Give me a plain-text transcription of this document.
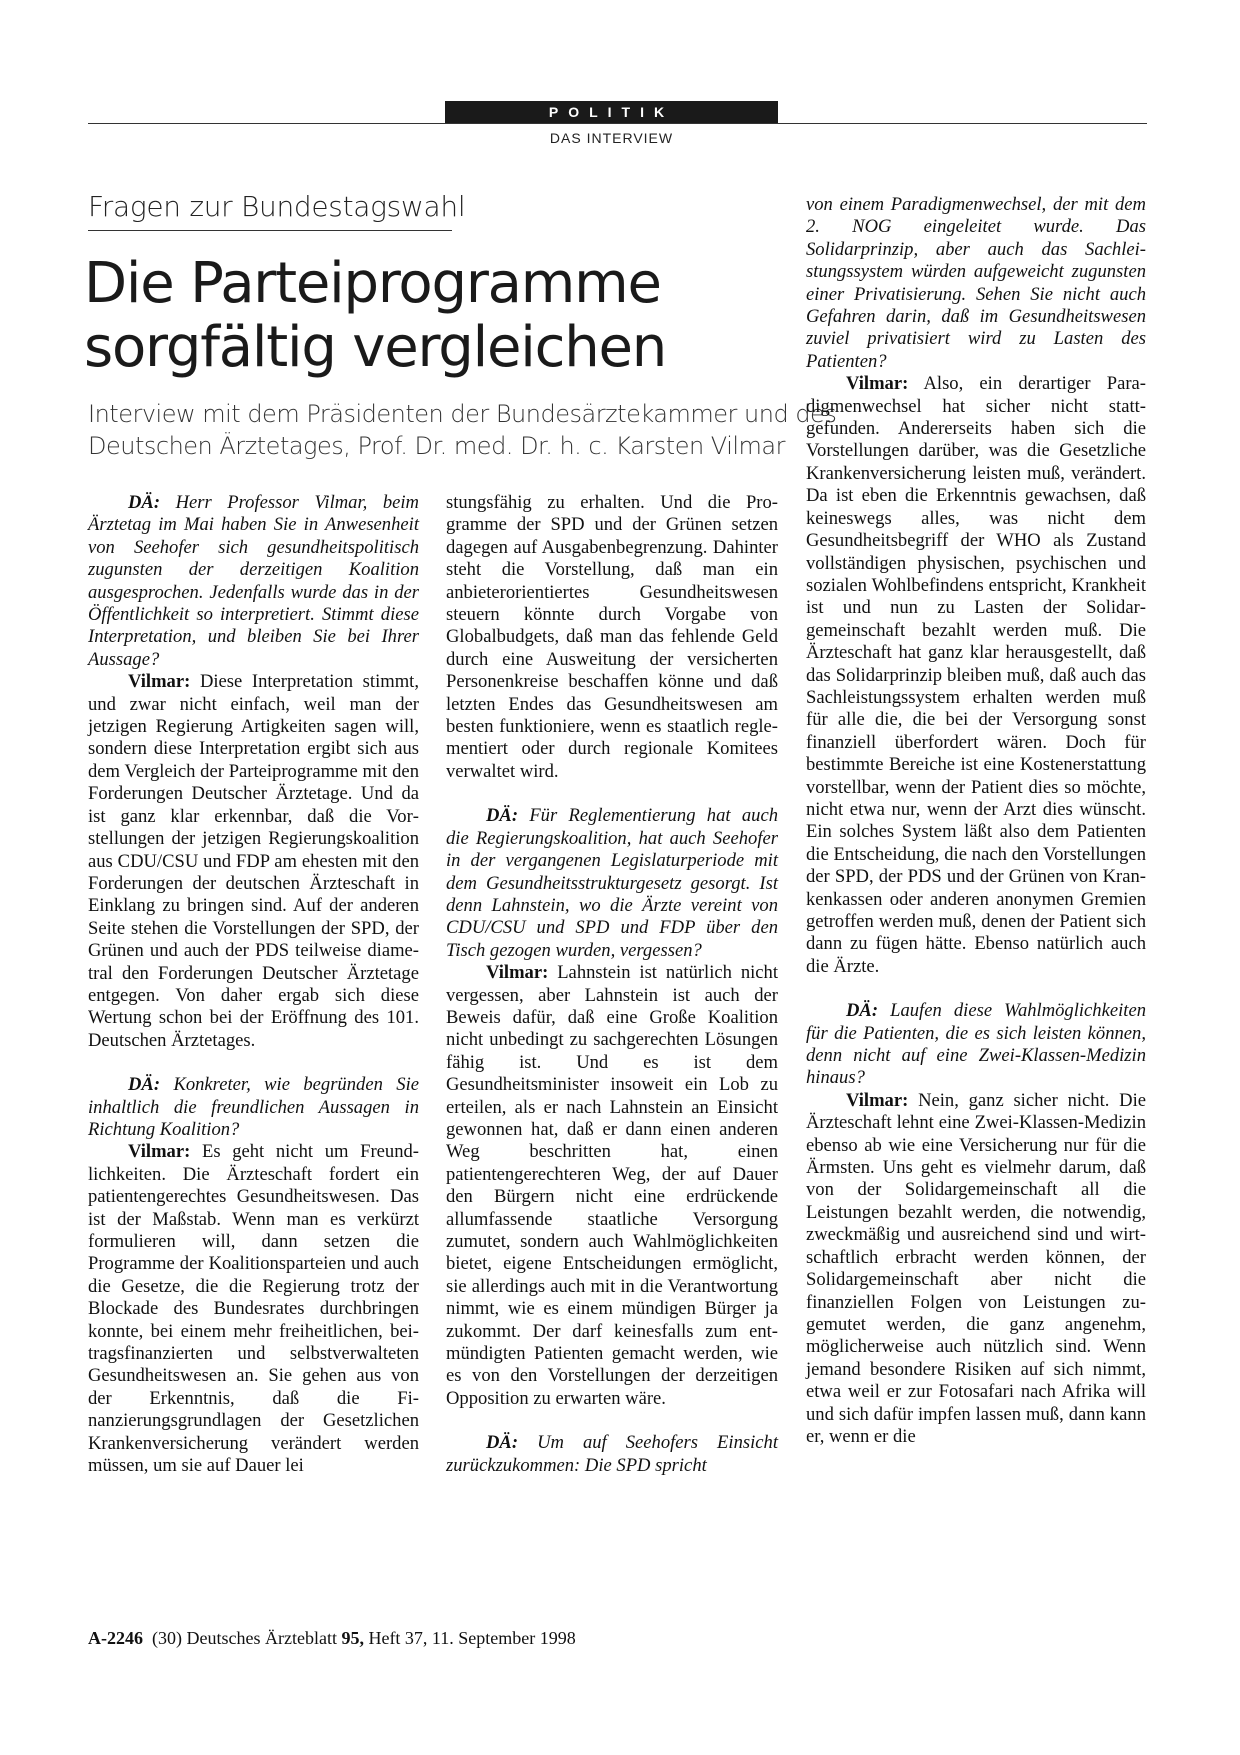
POLITIK
DAS INTERVIEW
Fragen zur Bundestagswahl
Die Parteiprogramme
sorgfältig vergleichen
Interview mit dem Präsidenten der Bundesärztekammer und des
Deutschen Ärztetages, Prof. Dr. med. Dr. h. c. Karsten Vilmar

DÄ: Herr Professor Vilmar, beim Ärztetag im Mai haben Sie in Anwesenheit von Seehofer sich gesundheitspolitisch zugunsten der derzeitigen Koalition ausgesprochen. Jedenfalls wurde das in der Öffentlichkeit so interpretiert. Stimmt diese Interpretation, und bleiben Sie bei Ihrer Aussage?

Vilmar: Diese Interpretation stimmt, und zwar nicht einfach, weil man der jetzigen Regierung Artigkeiten sagen will, sondern diese Interpretation ergibt sich aus dem Vergleich der Parteiprogramme mit den Forderungen Deutscher Ärztetage. Und da ist ganz klar erkennbar, daß die Vorstellungen der jetzigen Regierungskoalition aus CDU/CSU und FDP am ehesten mit den Forderungen der deutschen Ärzteschaft in Einklang zu bringen sind. Auf der anderen Seite stehen die Vorstellungen der SPD, der Grünen und auch der PDS teilweise diametral den Forderungen Deutscher Ärztetage entgegen. Von daher ergab sich diese Wertung schon bei der Eröffnung des 101. Deutschen Ärztetages.

DÄ: Konkreter, wie begründen Sie inhaltlich die freundlichen Aussagen in Richtung Koalition?

Vilmar: Es geht nicht um Freundlichkeiten. Die Ärzteschaft fordert ein patientengerechtes Gesundheitswesen. Das ist der Maßstab. Wenn man es verkürzt formulieren will, dann setzen die Programme der Koalitionsparteien und auch die Gesetze, die die Regierung trotz der Blockade des Bundesrates durchbringen konnte, bei einem mehr freiheitlichen, beitragsfinanzierten und selbstverwalteten Gesundheitswesen an. Sie gehen aus von der Erkenntnis, daß die Finanzierungsgrundlagen der Gesetzlichen Krankenversicherung verändert werden müssen, um sie auf Dauer lei

stungsfähig zu erhalten. Und die Programme der SPD und der Grünen setzen dagegen auf Ausgabenbegrenzung. Dahinter steht die Vorstellung, daß man ein anbieterorientiertes Gesundheitswesen steuern könnte durch Vorgabe von Globalbudgets, daß man das fehlende Geld durch eine Ausweitung der versicherten Personenkreise beschaffen könne und daß letzten Endes das Gesundheitswesen am besten funktioniere, wenn es staatlich reglementiert oder durch regionale Komitees verwaltet wird.

DÄ: Für Reglementierung hat auch die Regierungskoalition, hat auch Seehofer in der vergangenen Legislaturperiode mit dem Gesundheitsstrukturgesetz gesorgt. Ist denn Lahnstein, wo die Ärzte vereint von CDU/CSU und SPD und FDP über den Tisch gezogen wurden, vergessen?

Vilmar: Lahnstein ist natürlich nicht vergessen, aber Lahnstein ist auch der Beweis dafür, daß eine Große Koalition nicht unbedingt zu sachgerechten Lösungen fähig ist. Und es ist dem Gesundheitsminister insoweit ein Lob zu erteilen, als er nach Lahnstein an Einsicht gewonnen hat, daß er dann einen anderen Weg beschritten hat, einen patientengerechteren Weg, der auf Dauer den Bürgern nicht eine erdrückende allumfassende staatliche Versorgung zumutet, sondern auch Wahlmöglichkeiten bietet, eigene Entscheidungen ermöglicht, sie allerdings auch mit in die Verantwortung nimmt, wie es einem mündigen Bürger ja zukommt. Der darf keinesfalls zum entmündigten Patienten gemacht werden, wie es von den Vorstellungen der derzeitigen Opposition zu erwarten wäre.

DÄ: Um auf Seehofers Einsicht zurückzukommen: Die SPD spricht

von einem Paradigmenwechsel, der mit dem 2. NOG eingeleitet wurde. Das Solidarprinzip, aber auch das Sachleistungssystem würden aufgeweicht zugunsten einer Privatisierung. Sehen Sie nicht auch Gefahren darin, daß im Gesundheitswesen zuviel privatisiert wird zu Lasten des Patienten?

Vilmar: Also, ein derartiger Paradigmenwechsel hat sicher nicht stattgefunden. Andererseits haben sich die Vorstellungen darüber, was die Gesetzliche Krankenversicherung leisten muß, verändert. Da ist eben die Erkenntnis gewachsen, daß keineswegs alles, was nicht dem Gesundheitsbegriff der WHO als Zustand vollständigen physischen, psychischen und sozialen Wohlbefindens entspricht, Krankheit ist und nun zu Lasten der Solidargemeinschaft bezahlt werden muß. Die Ärzteschaft hat ganz klar herausgestellt, daß das Solidarprinzip bleiben muß, daß auch das Sachleistungssystem erhalten werden muß für alle die, die bei der Versorgung sonst finanziell überfordert wären. Doch für bestimmte Bereiche ist eine Kostenerstattung vorstellbar, wenn der Patient dies so möchte, nicht etwa nur, wenn der Arzt dies wünscht. Ein solches System läßt also dem Patienten die Entscheidung, die nach den Vorstellungen der SPD, der PDS und der Grünen von Krankenkassen oder anderen anonymen Gremien getroffen werden muß, denen der Patient sich dann zu fügen hätte. Ebenso natürlich auch die Ärzte.

DÄ: Laufen diese Wahlmöglichkeiten für die Patienten, die es sich leisten können, denn nicht auf eine Zwei-Klassen-Medizin hinaus?

Vilmar: Nein, ganz sicher nicht. Die Ärzteschaft lehnt eine Zwei-Klassen-Medizin ebenso ab wie eine Versicherung nur für die Ärmsten. Uns geht es vielmehr darum, daß von der Solidargemeinschaft all die Leistungen bezahlt werden, die notwendig, zweckmäßig und ausreichend sind und wirtschaftlich erbracht werden können, der Solidargemeinschaft aber nicht die finanziellen Folgen von Leistungen zugemutet werden, die ganz angenehm, möglicherweise auch nützlich sind. Wenn jemand besondere Risiken auf sich nimmt, etwa weil er zur Fotosafari nach Afrika will und sich dafür impfen lassen muß, dann kann er, wenn er die

A-2246 (30) Deutsches Ärzteblatt 95, Heft 37, 11. September 1998
